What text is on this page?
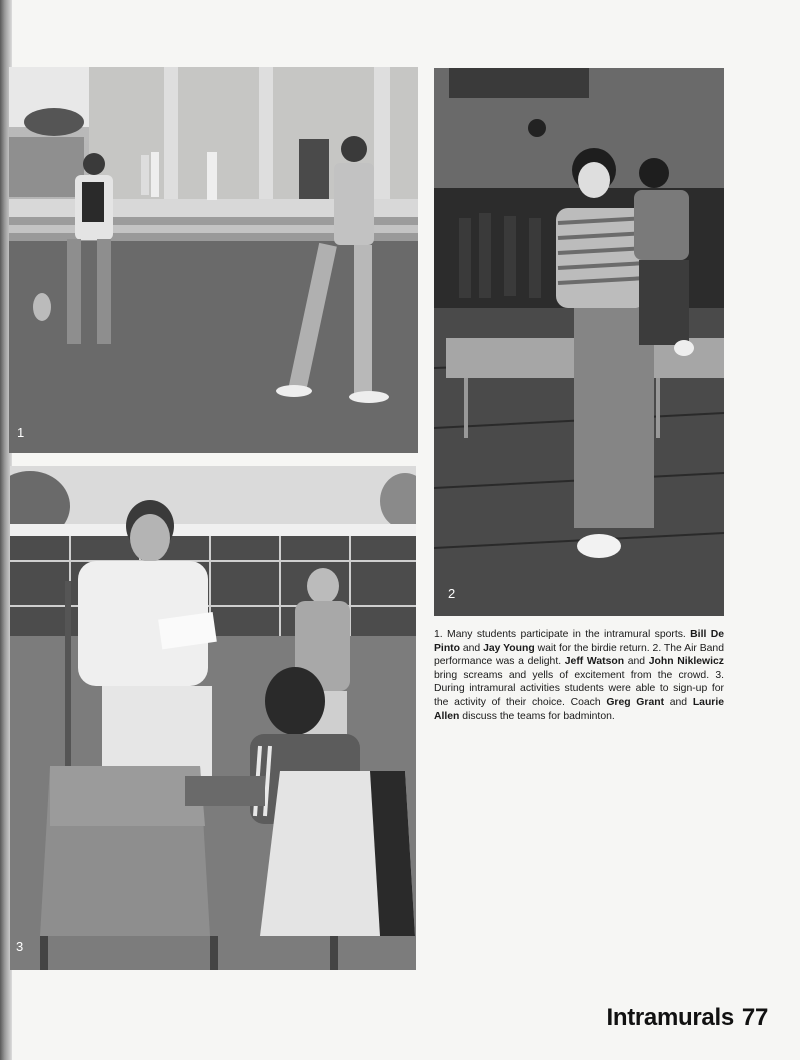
1
2
3

1. Many students participate in the intramural sports. Bill De Pinto and Jay Young wait for the birdie return. 2. The Air Band performance was a delight. Jeff Watson and John Niklewicz bring screams and yells of excitement from the crowd. 3. During intramural activities students were able to sign-up for the activity of their choice. Coach Greg Grant and Laurie Allen discuss the teams for badminton.

Intramurals 77
